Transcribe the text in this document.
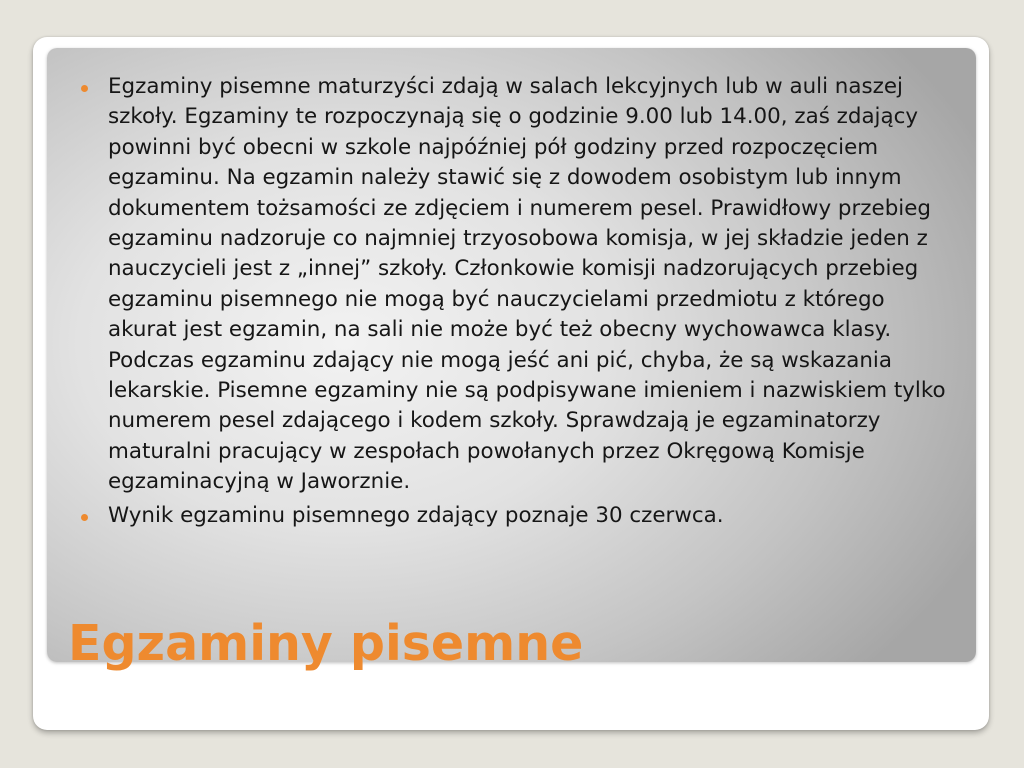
Egzaminy pisemne maturzyści zdają w salach lekcyjnych lub w auli naszej szkoły. Egzaminy te rozpoczynają się o godzinie 9.00 lub 14.00, zaś zdający powinni być obecni w szkole najpóźniej pół godziny przed rozpoczęciem egzaminu. Na egzamin należy stawić się z dowodem osobistym lub innym dokumentem tożsamości ze zdjęciem i numerem pesel. Prawidłowy przebieg egzaminu nadzoruje co najmniej trzyosobowa komisja, w jej składzie jeden z nauczycieli jest z „innej” szkoły. Członkowie komisji nadzorujących przebieg egzaminu pisemnego nie mogą być nauczycielami przedmiotu z którego akurat jest egzamin, na sali nie może być też obecny wychowawca klasy. Podczas egzaminu zdający nie mogą jeść ani pić, chyba, że są wskazania lekarskie. Pisemne egzaminy nie są podpisywane imieniem i nazwiskiem tylko numerem pesel zdającego i kodem szkoły. Sprawdzają je egzaminatorzy maturalni pracujący w zespołach powołanych przez Okręgową Komisje egzaminacyjną w Jaworznie.
Wynik egzaminu pisemnego zdający poznaje 30 czerwca.
Egzaminy pisemne
